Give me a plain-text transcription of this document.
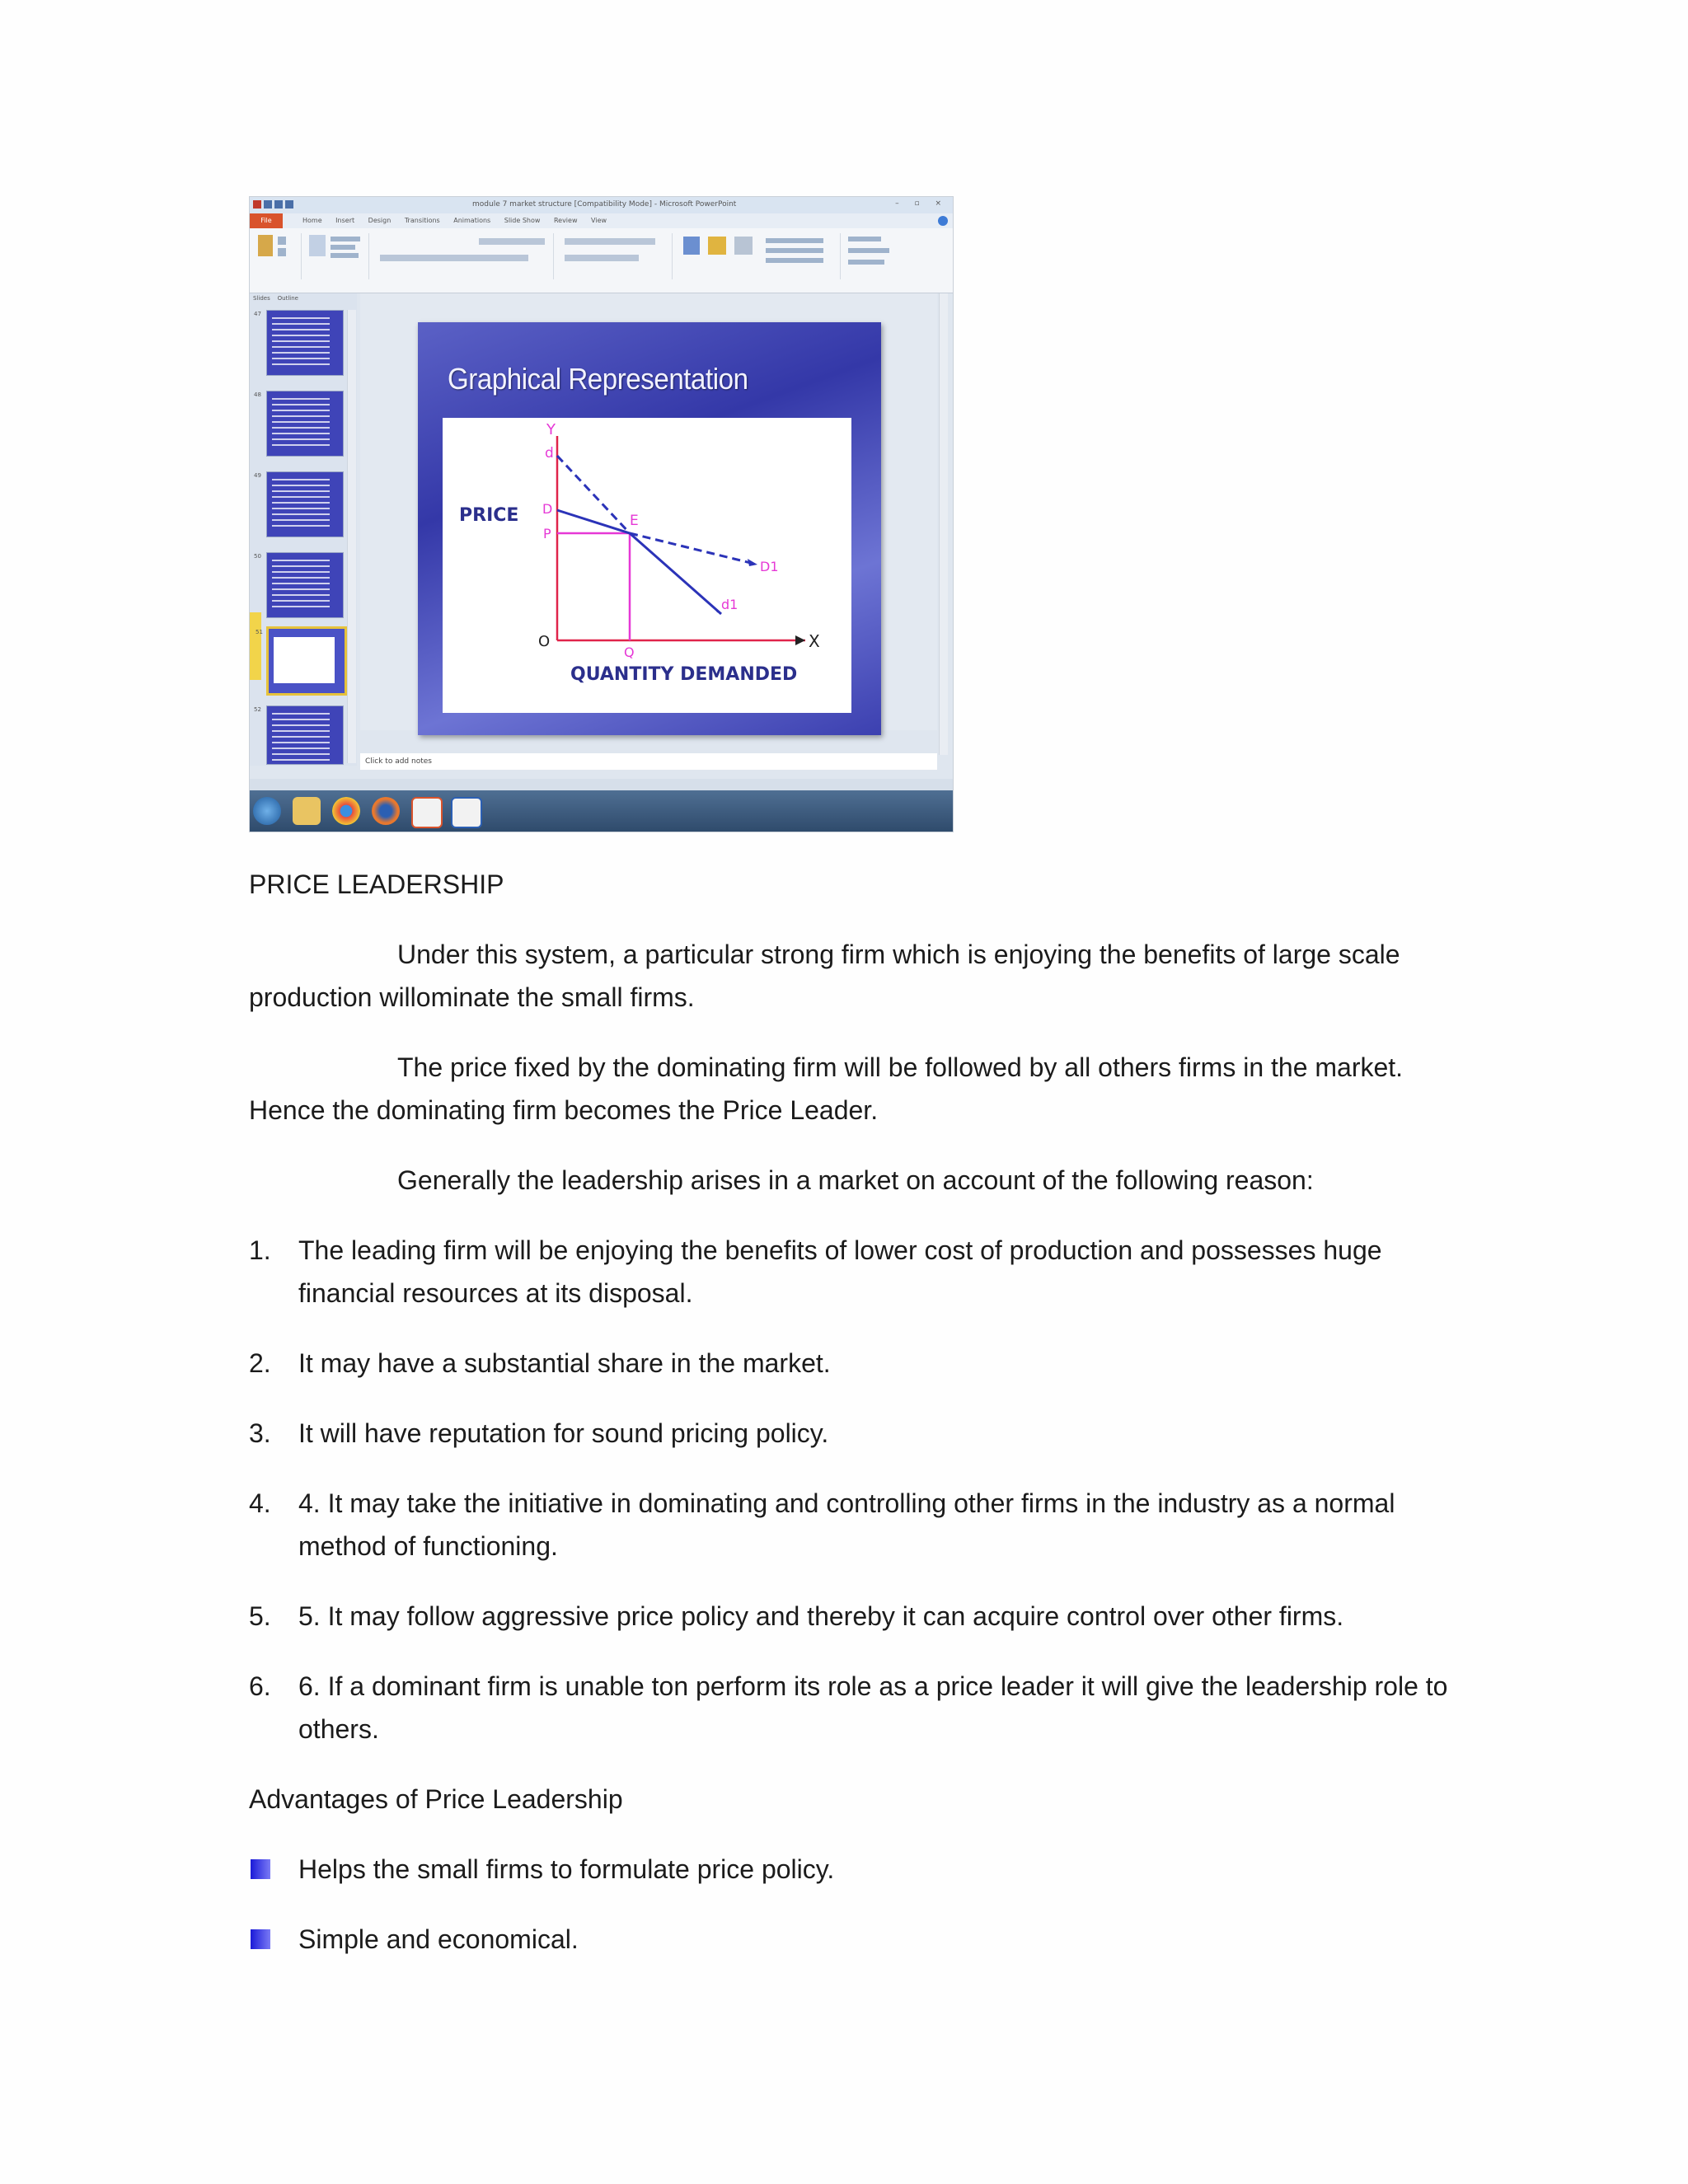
module 7 market structure [Compatibility Mode] - Microsoft PowerPoint	– ▫ ×
File	Home Insert Design Transitions Animations Slide Show Review View
Slides Outline
47
48
49
50
51
52
Click to add notes
Graphical Representation
Y
d
PRICE D
P
E
D1
d1
O
Q
X
QUANTITY DEMANDED

PRICE LEADERSHIP

Under this system, a particular strong firm which is enjoying the benefits of large scale production willominate the small firms.

The price fixed by the dominating firm will be followed by all others firms in the market. Hence the dominating firm becomes the Price Leader.

Generally the leadership arises in a market on account of the following reason:

1. The leading firm will be enjoying the benefits of lower cost of production and possesses huge financial resources at its disposal.
2. It may have a substantial share in the market.
3. It will have reputation for sound pricing policy.
4. 4. It may take the initiative in dominating and controlling other firms in the industry as a normal method of functioning.
5. 5. It may follow aggressive price policy and thereby it can acquire control over other firms.
6. 6. If a dominant firm is unable ton perform its role as a price leader it will give the leadership role to others.

Advantages of Price Leadership

Helps the small firms to formulate price policy.
Simple and economical.
